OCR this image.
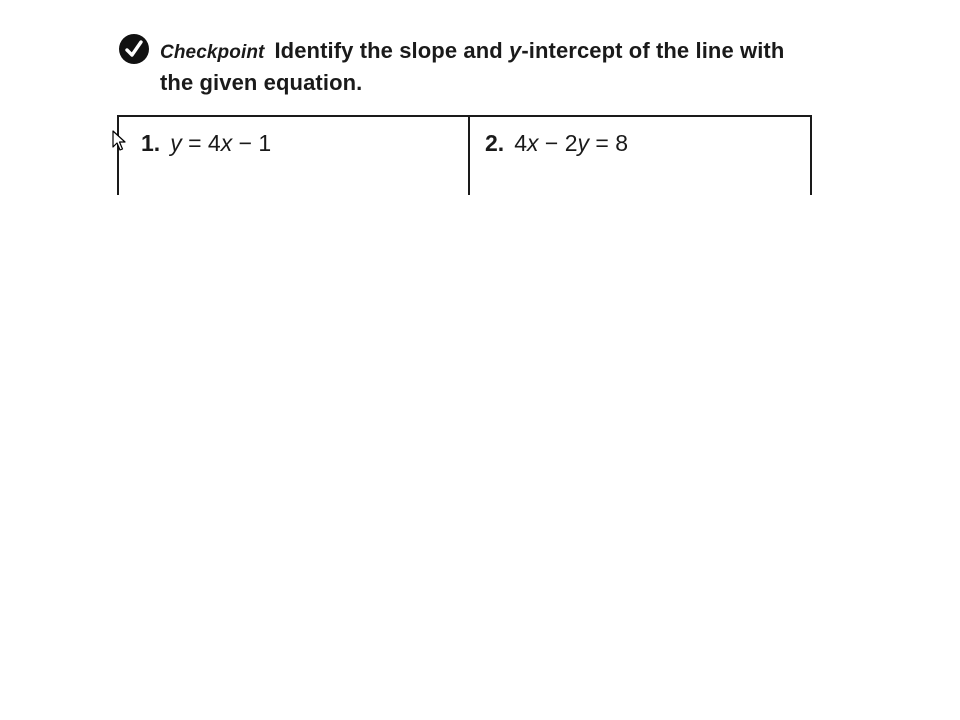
Checkpoint Identify the slope and y-intercept of the line with the given equation.
1. y = 4x − 1	2. 4x − 2y = 8
